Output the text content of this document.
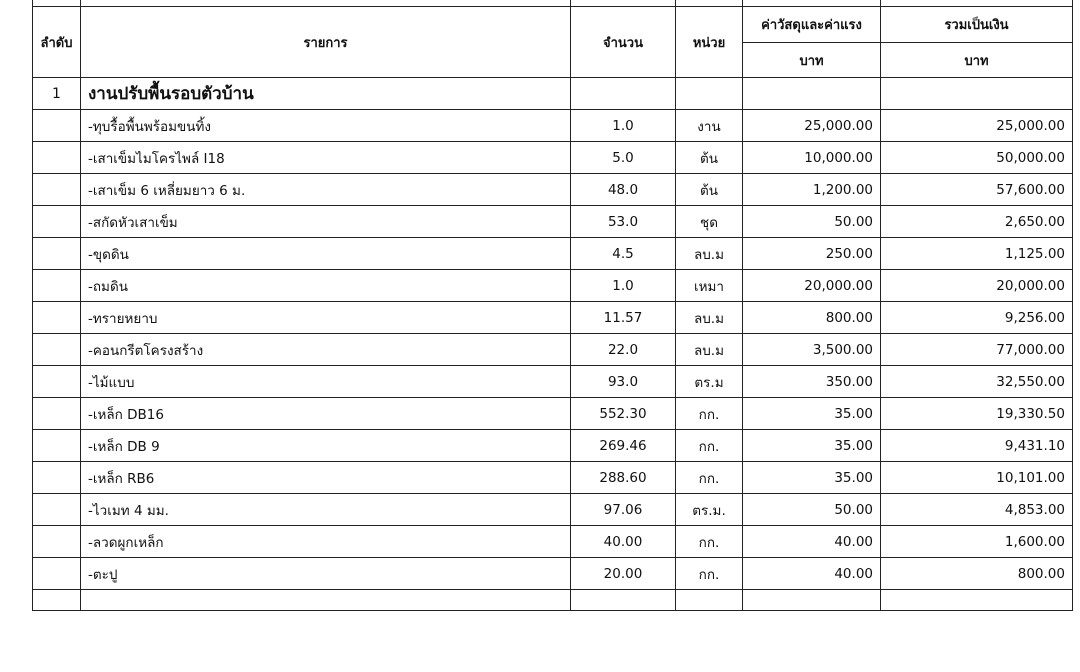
ลำดับ	รายการ	จำนวน	หน่วย	ค่าวัสดุและค่าแรง	รวมเป็นเงิน
				บาท	บาท
1	งานปรับพื้นรอบตัวบ้าน				
	-ทุบรื้อพื้นพร้อมขนทิ้ง	1.0	งาน	25,000.00	25,000.00
	-เสาเข็มไมโครไพล์ I18	5.0	ต้น	10,000.00	50,000.00
	-เสาเข็ม 6 เหลี่ยมยาว 6 ม.	48.0	ต้น	1,200.00	57,600.00
	-สกัดหัวเสาเข็ม	53.0	ชุด	50.00	2,650.00
	-ขุดดิน	4.5	ลบ.ม	250.00	1,125.00
	-ถมดิน	1.0	เหมา	20,000.00	20,000.00
	-ทรายหยาบ	11.57	ลบ.ม	800.00	9,256.00
	-คอนกรีตโครงสร้าง	22.0	ลบ.ม	3,500.00	77,000.00
	-ไม้แบบ	93.0	ตร.ม	350.00	32,550.00
	-เหล็ก DB16	552.30	กก.	35.00	19,330.50
	-เหล็ก DB 9	269.46	กก.	35.00	9,431.10
	-เหล็ก RB6	288.60	กก.	35.00	10,101.00
	-ไวเมท 4 มม.	97.06	ตร.ม.	50.00	4,853.00
	-ลวดผูกเหล็ก	40.00	กก.	40.00	1,600.00
	-ตะปู	20.00	กก.	40.00	800.00
